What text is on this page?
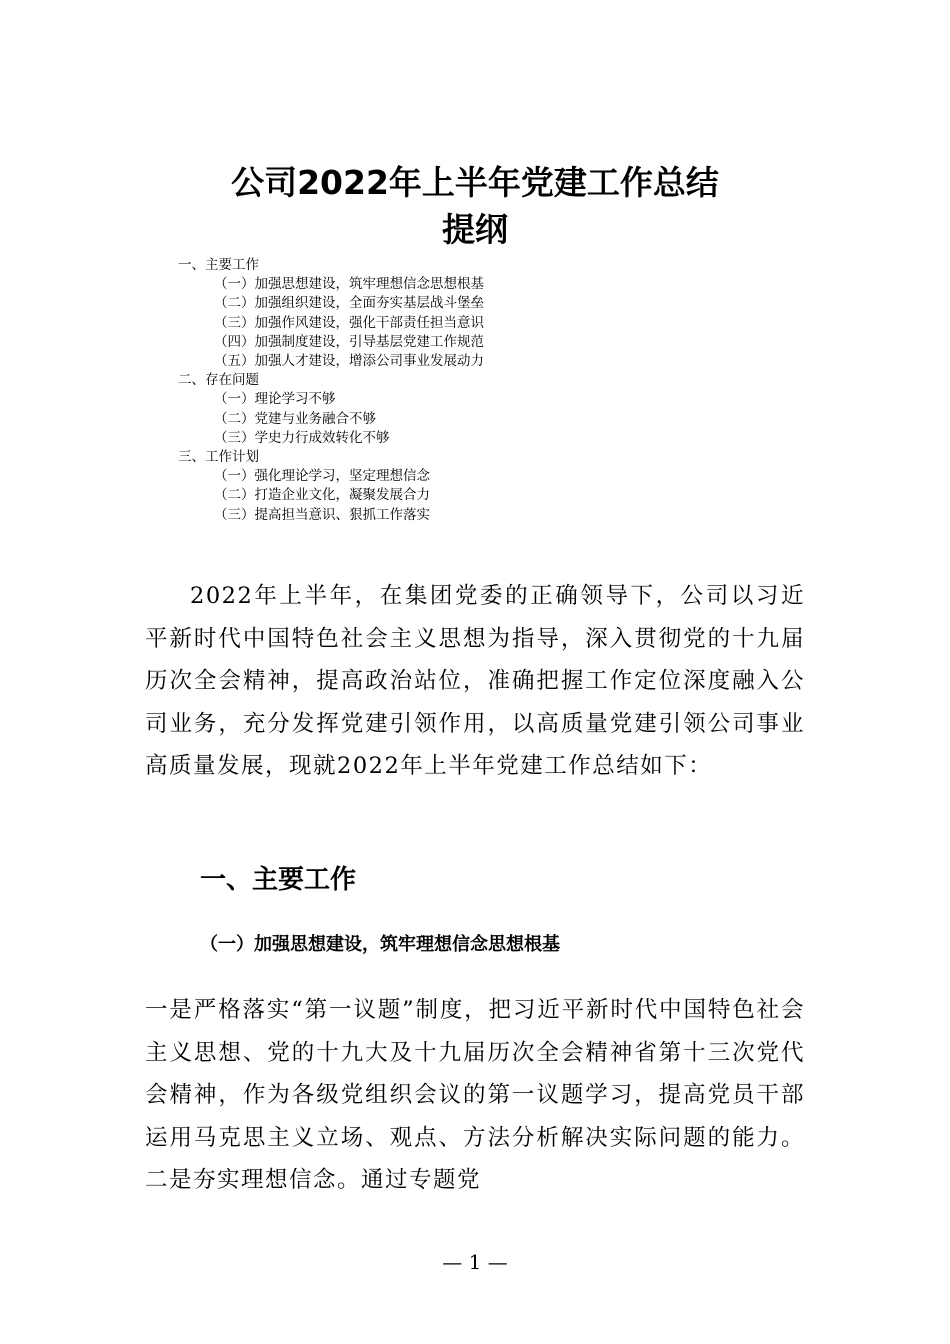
公司2022年上半年党建工作总结
提纲
一、主要工作
（一）加强思想建设，筑牢理想信念思想根基
（二）加强组织建设，全面夯实基层战斗堡垒
（三）加强作风建设，强化干部责任担当意识
（四）加强制度建设，引导基层党建工作规范
（五）加强人才建设，增添公司事业发展动力
二、存在问题
（一）理论学习不够
（二）党建与业务融合不够
（三）学史力行成效转化不够
三、工作计划
（一）强化理论学习，坚定理想信念
（二）打造企业文化，凝聚发展合力
（三）提高担当意识、狠抓工作落实

2022年上半年，在集团党委的正确领导下，公司以习近平新时代中国特色社会主义思想为指导，深入贯彻党的十九届历次全会精神，提高政治站位，准确把握工作定位深度融入公司业务，充分发挥党建引领作用，以高质量党建引领公司事业高质量发展，现就2022年上半年党建工作总结如下：

一、主要工作
（一）加强思想建设，筑牢理想信念思想根基

一是严格落实“第一议题”制度，把习近平新时代中国特色社会主义思想、党的十九大及十九届历次全会精神省第十三次党代会精神，作为各级党组织会议的第一议题学习，提高党员干部运用马克思主义立场、观点、方法分析解决实际问题的能力。二是夯实理想信念。通过专题党

— 1 —
